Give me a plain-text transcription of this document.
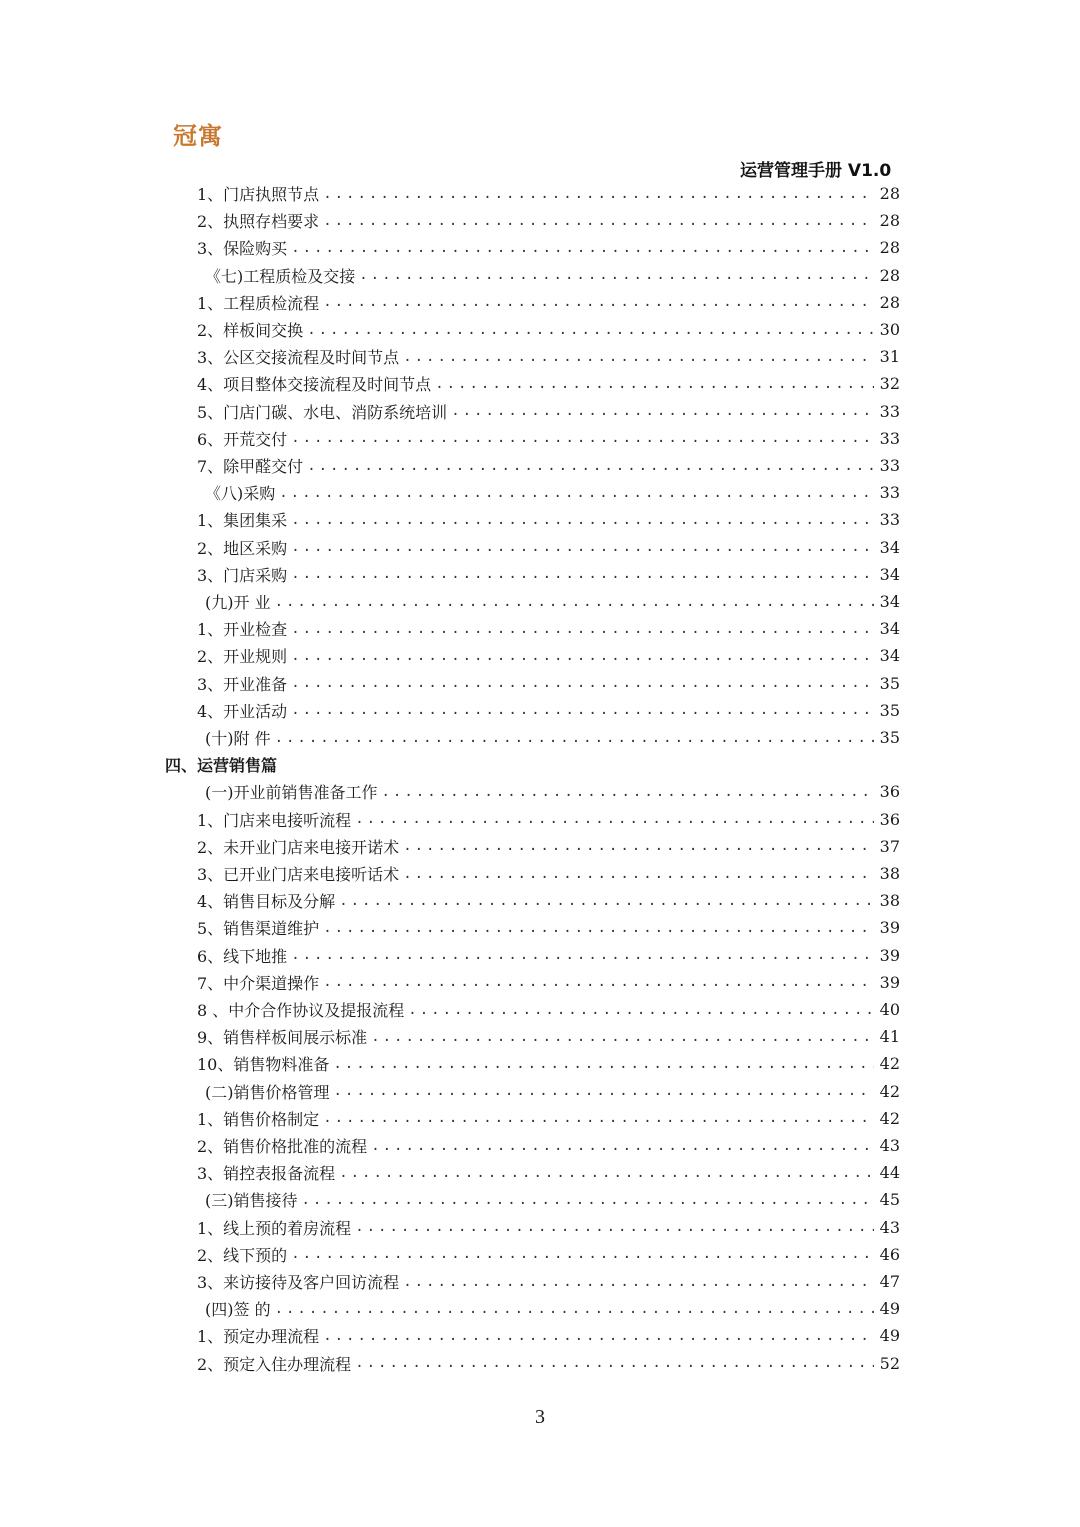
冠寓
运营管理手册 V1.0
1、门店执照节点 .....	28
2、执照存档要求 .....	28
3、保险购买 .....	28
《七)工程质检及交接 .....	28
1、工程质检流程 .....	28
2、样板间交换 .....	30
3、公区交接流程及时间节点 .....	31
4、项目整体交接流程及时间节点 .....	32
5、门店门碳、水电、消防系统培训 .....	33
6、开荒交付 .....	33
7、除甲醛交付 .....	33
《八)采购 .....	33
1、集团集采 .....	33
2、地区采购 .....	34
3、门店采购 .....	34
(九)开 业 .....	34
1、开业检查 .....	34
2、开业规则 .....	34
3、开业准备 .....	35
4、开业活动 .....	35
(十)附 件 .....	35
四、运营销售篇
(一)开业前销售准备工作 .....	36
1、门店来电接听流程 .....	36
2、未开业门店来电接开诺术 .....	37
3、已开业门店来电接听话术 .....	38
4、销售目标及分解 .....	38
5、销售渠道维护 .....	39
6、线下地推 .....	39
7、中介渠道操作 .....	39
8 、中介合作协议及提报流程 .....	40
9、销售样板间展示标准 .....	41
10、销售物料准备 .....	42
(二)销售价格管理 .....	42
1、销售价格制定 .....	42
2、销售价格批准的流程 .....	43
3、销控表报备流程 .....	44
(三)销售接待 .....	45
1、线上预的着房流程 .....	43
2、线下预的 .....	46
3、来访接待及客户回访流程 .....	47
(四)签 的 .....	49
1、预定办理流程 .....	49
2、预定入住办理流程 .....	52
3
